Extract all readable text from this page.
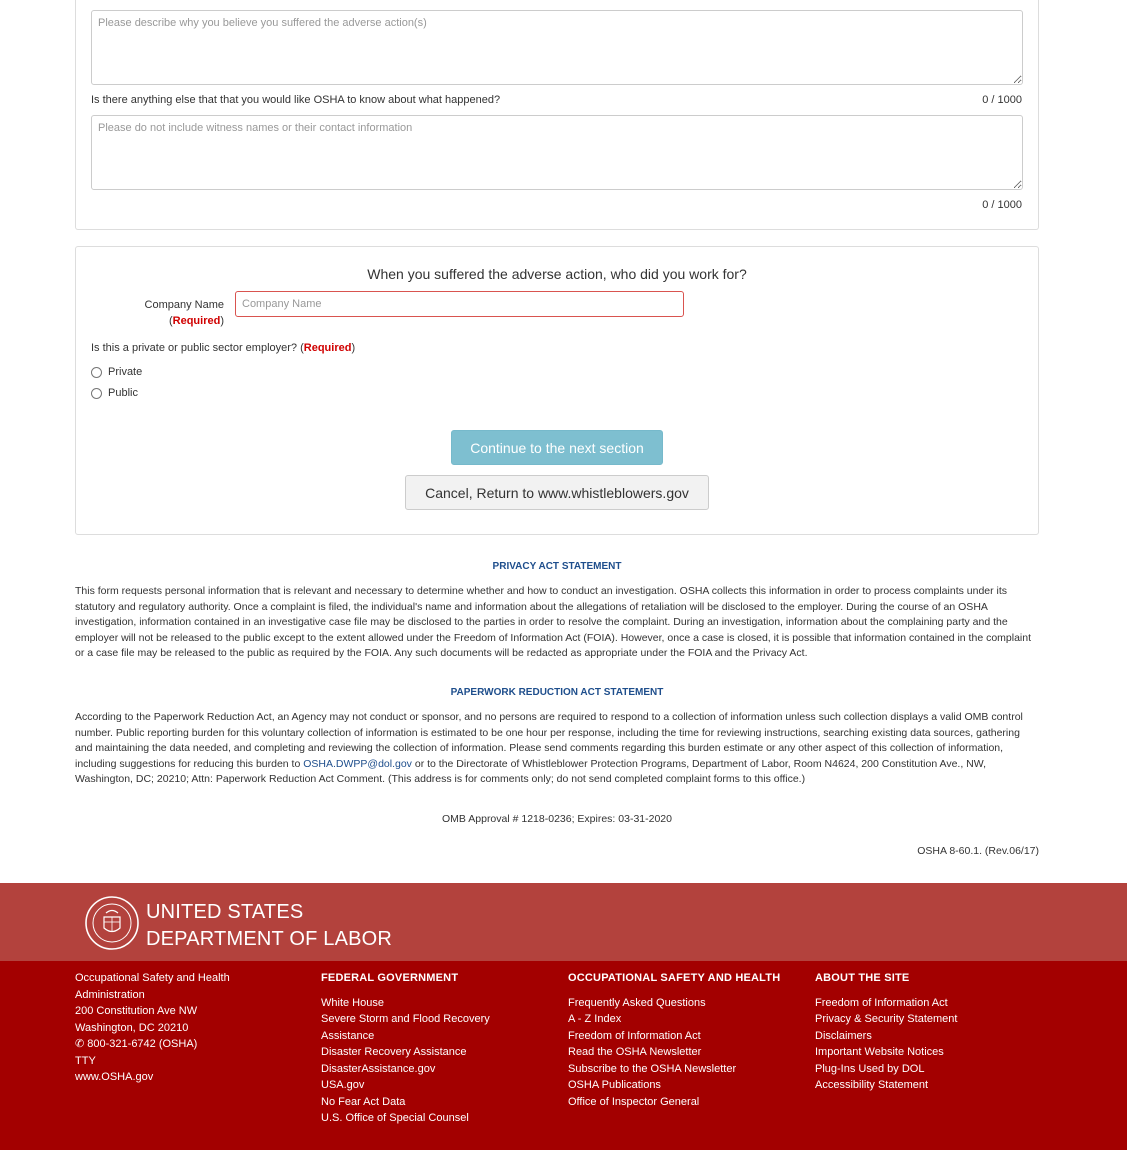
Please describe why you believe you suffered the adverse action(s)
Is there anything else that that you would like OSHA to know about what happened?	0 / 1000
Please do not include witness names or their contact information
0 / 1000
When you suffered the adverse action, who did you work for?
Company Name
(Required)
Company Name
Is this a private or public sector employer? (Required)
Private
Public
Continue to the next section
Cancel, Return to www.whistleblowers.gov
PRIVACY ACT STATEMENT
This form requests personal information that is relevant and necessary to determine whether and how to conduct an investigation. OSHA collects this information in order to process complaints under its statutory and regulatory authority. Once a complaint is filed, the individual's name and information about the allegations of retaliation will be disclosed to the employer. During the course of an OSHA investigation, information contained in an investigative case file may be disclosed to the parties in order to resolve the complaint. During an investigation, information about the complaining party and the employer will not be released to the public except to the extent allowed under the Freedom of Information Act (FOIA). However, once a case is closed, it is possible that information contained in the complaint or a case file may be released to the public as required by the FOIA. Any such documents will be redacted as appropriate under the FOIA and the Privacy Act.
PAPERWORK REDUCTION ACT STATEMENT
According to the Paperwork Reduction Act, an Agency may not conduct or sponsor, and no persons are required to respond to a collection of information unless such collection displays a valid OMB control number. Public reporting burden for this voluntary collection of information is estimated to be one hour per response, including the time for reviewing instructions, searching existing data sources, gathering and maintaining the data needed, and completing and reviewing the collection of information. Please send comments regarding this burden estimate or any other aspect of this collection of information, including suggestions for reducing this burden to OSHA.DWPP@dol.gov or to the Directorate of Whistleblower Protection Programs, Department of Labor, Room N4624, 200 Constitution Ave., NW, Washington, DC; 20210; Attn: Paperwork Reduction Act Comment. (This address is for comments only; do not send completed complaint forms to this office.)
OMB Approval # 1218-0236; Expires: 03-31-2020
OSHA 8-60.1. (Rev.06/17)
UNITED STATES
DEPARTMENT OF LABOR
Occupational Safety and Health Administration
200 Constitution Ave NW
Washington, DC 20210
✆ 800-321-6742 (OSHA)
TTY
www.OSHA.gov
FEDERAL GOVERNMENT
White House
Severe Storm and Flood Recovery Assistance
Disaster Recovery Assistance
DisasterAssistance.gov
USA.gov
No Fear Act Data
U.S. Office of Special Counsel
OCCUPATIONAL SAFETY AND HEALTH
Frequently Asked Questions
A - Z Index
Freedom of Information Act
Read the OSHA Newsletter
Subscribe to the OSHA Newsletter
OSHA Publications
Office of Inspector General
ABOUT THE SITE
Freedom of Information Act
Privacy & Security Statement
Disclaimers
Important Website Notices
Plug-Ins Used by DOL
Accessibility Statement
